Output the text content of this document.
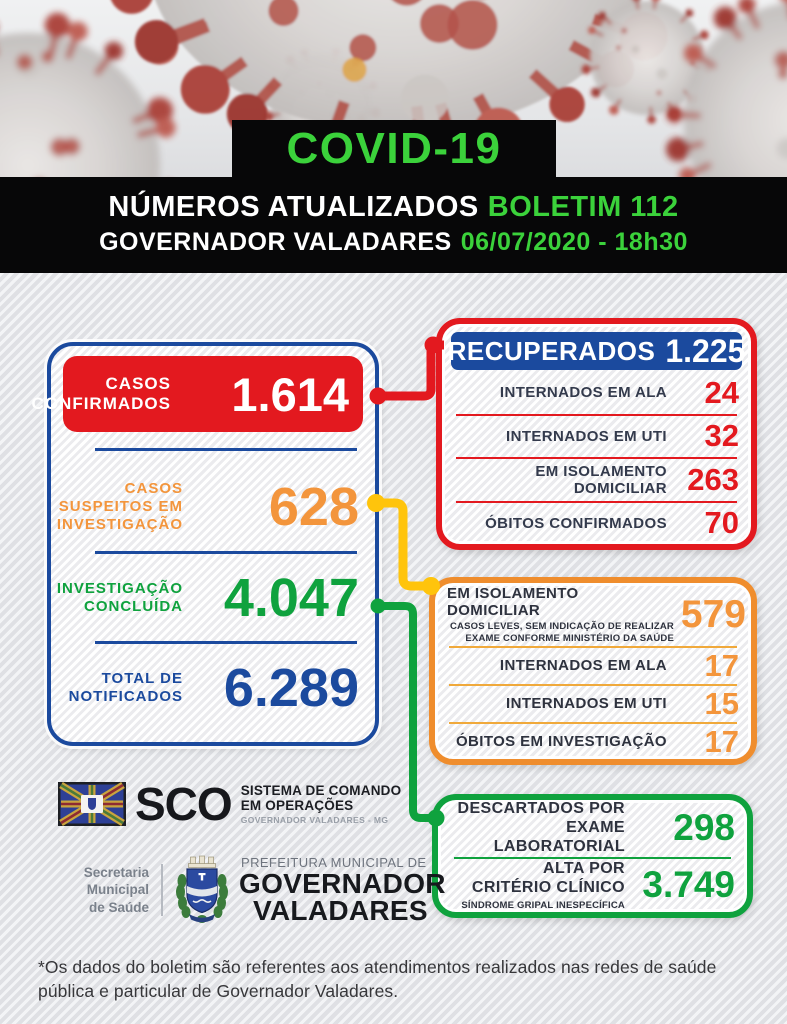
COVID-19
NÚMEROS ATUALIZADOS BOLETIM 112
GOVERNADOR VALADARES 06/07/2020 - 18h30
CASOS
CONFIRMADOS	1.614
CASOS
SUSPEITOS EM
INVESTIGAÇÃO	628
INVESTIGAÇÃO
CONCLUÍDA 4.047
TOTAL DE
NOTIFICADOS 6.289
RECUPERADOS 1.225
INTERNADOS EM ALA	24
INTERNADOS EM UTI	32
EM ISOLAMENTO DOMICILIAR 263
ÓBITOS CONFIRMADOS	70
EM ISOLAMENTO DOMICILIAR
CASOS LEVES, SEM INDICAÇÃO DE REALIZAR
EXAME CONFORME MINISTÉRIO DA SAÚDE
579
INTERNADOS EM ALA	17
INTERNADOS EM UTI	15
ÓBITOS EM INVESTIGAÇÃO	17
DESCARTADOS POR
EXAME LABORATORIAL	298
ALTA POR
CRITÉRIO CLÍNICO
SÍNDROME GRIPAL INESPECÍFICA 3.749
SCO SISTEMA DE COMANDO
EM OPERAÇÕES
GOVERNADOR VALADARES - MG
Secretaria Municipal
de Saúde
PREFEITURA MUNICIPAL DE
GOVERNADOR
VALADARES

*Os dados do boletim são referentes aos atendimentos realizados nas redes de saúde pública e particular de Governador Valadares.
